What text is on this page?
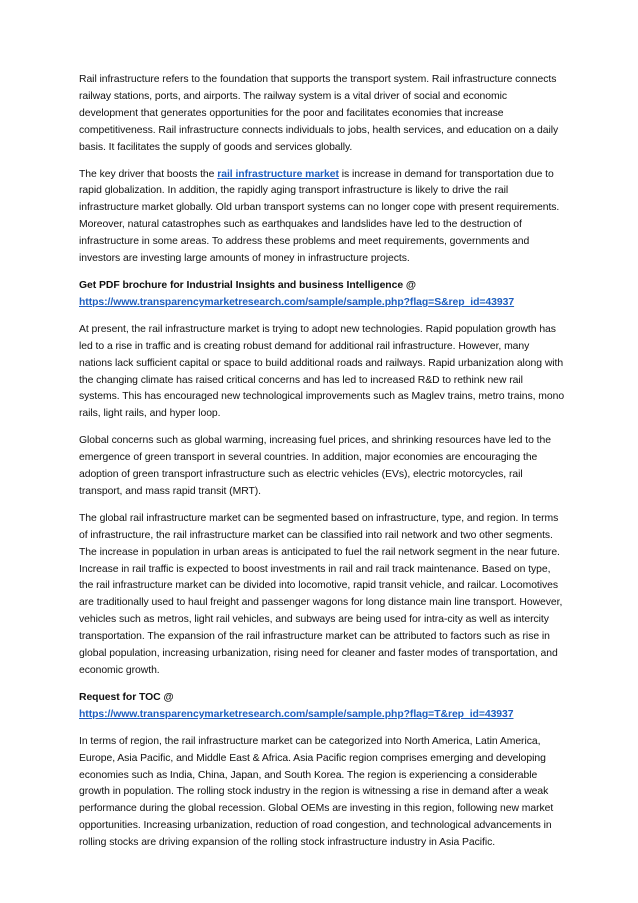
Rail infrastructure refers to the foundation that supports the transport system. Rail infrastructure connects railway stations, ports, and airports. The railway system is a vital driver of social and economic development that generates opportunities for the poor and facilitates economies that increase competitiveness. Rail infrastructure connects individuals to jobs, health services, and education on a daily basis. It facilitates the supply of goods and services globally.

The key driver that boosts the rail infrastructure market is increase in demand for transportation due to rapid globalization. In addition, the rapidly aging transport infrastructure is likely to drive the rail infrastructure market globally. Old urban transport systems can no longer cope with present requirements. Moreover, natural catastrophes such as earthquakes and landslides have led to the destruction of infrastructure in some areas. To address these problems and meet requirements, governments and investors are investing large amounts of money in infrastructure projects.

Get PDF brochure for Industrial Insights and business Intelligence @

https://www.transparencymarketresearch.com/sample/sample.php?flag=S&rep_id=43937

At present, the rail infrastructure market is trying to adopt new technologies. Rapid population growth has led to a rise in traffic and is creating robust demand for additional rail infrastructure. However, many nations lack sufficient capital or space to build additional roads and railways. Rapid urbanization along with the changing climate has raised critical concerns and has led to increased R&D to rethink new rail systems. This has encouraged new technological improvements such as Maglev trains, metro trains, mono rails, light rails, and hyper loop.

Global concerns such as global warming, increasing fuel prices, and shrinking resources have led to the emergence of green transport in several countries. In addition, major economies are encouraging the adoption of green transport infrastructure such as electric vehicles (EVs), electric motorcycles, rail transport, and mass rapid transit (MRT).

The global rail infrastructure market can be segmented based on infrastructure, type, and region. In terms of infrastructure, the rail infrastructure market can be classified into rail network and two other segments. The increase in population in urban areas is anticipated to fuel the rail network segment in the near future. Increase in rail traffic is expected to boost investments in rail and rail track maintenance. Based on type, the rail infrastructure market can be divided into locomotive, rapid transit vehicle, and railcar. Locomotives are traditionally used to haul freight and passenger wagons for long distance main line transport. However, vehicles such as metros, light rail vehicles, and subways are being used for intra-city as well as intercity transportation. The expansion of the rail infrastructure market can be attributed to factors such as rise in global population, increasing urbanization, rising need for cleaner and faster modes of transportation, and economic growth.

Request for TOC @

https://www.transparencymarketresearch.com/sample/sample.php?flag=T&rep_id=43937

In terms of region, the rail infrastructure market can be categorized into North America, Latin America, Europe, Asia Pacific, and Middle East & Africa. Asia Pacific region comprises emerging and developing economies such as India, China, Japan, and South Korea. The region is experiencing a considerable growth in population. The rolling stock industry in the region is witnessing a rise in demand after a weak performance during the global recession. Global OEMs are investing in this region, following new market opportunities. Increasing urbanization, reduction of road congestion, and technological advancements in rolling stocks are driving expansion of the rolling stock infrastructure industry in Asia Pacific.
